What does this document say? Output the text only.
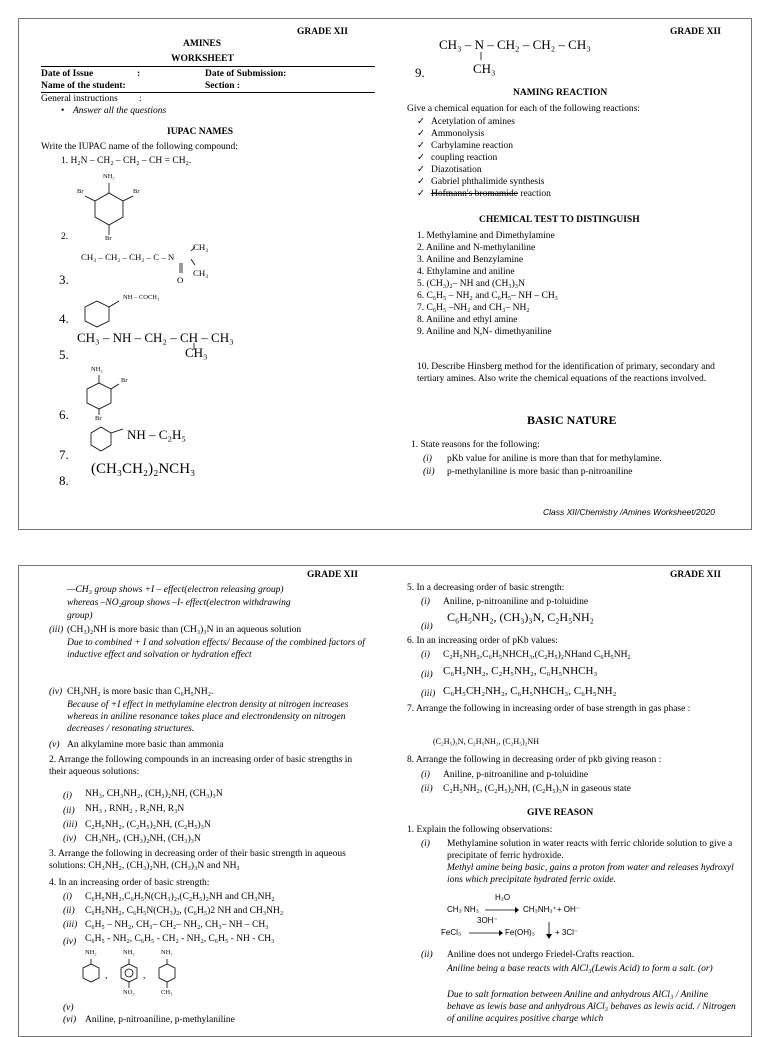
GRADE XII
AMINES
WORKSHEET
Date of Issue	:	Date of Submission:
Name of the student:	Section :
General instructions :
• Answer all the questions
IUPAC NAMES
Write the IUPAC name of the following compound:
1. H₂N – CH₂ – CH₂ – CH = CH₂.
NH₂
Br	Br
Br
2.
CH₃ – CH₂ – CH₂ – C – N
CH₃
CH₃
O
3.
NH – COCH₃
4.
CH₃ – NH – CH₂ – CH – CH₃
CH₃
5.
NH₂
Br
Br
6.
NH – C₂H₅
7.
(CH₃CH₂)₂NCH₃
8.
GRADE XII
CH₃ – N – CH₂ – CH₂ – CH₃
CH₃
9.
NAMING REACTION
Give a chemical equation for each of the following reactions:
✓ Acetylation of amines
✓ Ammonolysis
✓ Carbylamine reaction
✓ coupling reaction
✓ Diazotisation
✓ Gabriel phthalimide synthesis
✓ Hofmann's bromamide reaction
CHEMICAL TEST TO DISTINGUISH
1. Methylamine and Dimethylamine
2. Aniline and N-methylaniline
3. Aniline and Benzylamine
4. Ethylamine and aniline
5. (CH₃)₂– NH and (CH₃)₃N
6. C₆H₅ – NH₂ and C₆H₅– NH – CH₃
7. C₆H₅ –NH₂ and CH₃– NH₂
8. Aniline and ethyl amine
9. Aniline and N,N- dimethyaniline
10. Describe Hinsberg method for the identification of primary, secondary and tertiary amines. Also write the chemical equations of the reactions involved.
BASIC NATURE
1. State reasons for the following:
(i) pKb value for aniline is more than that for methylamine.
(ii) p-methylaniline is more basic than p-nitroaniline
Class XII/Chemistry /Amines Worksheet/2020
GRADE XII
—CH₃ group shows +I – effect(electron releasing group)
whereas –NO₂group shows –I- effect(electron withdrawing
group)
(iii) (CH₃)₂NH is more basic than (CH₃)₃N in an aqueous solution
Due to combined + I and solvation effects/ Because of the combined factors of inductive effect and solvation or hydration effect
(iv) CH₃NH₂ is more basic than C₆H₅NH₂.
Because of +I effect in methylamine electron density at nitrogen increases whereas in aniline resonance takes place and electrondensity on nitrogen decreases / resonating structures.
(v) An alkylamine more basic than ammonia
2. Arrange the following compounds in an increasing order of basic strengths in their aqueous solutions:
(i) NH₃, CH₃NH₂, (CH₃)₂NH, (CH₃)₃N
(ii) NH₃ , RNH₂ , R₂NH, R₃N
(iii) C₂H₅NH₂, (C₂H₅)₂NH, (C₂H₅)₃N
(iv) CH₃NH₂, (CH₃)₂NH, (CH₃)₃N
3. Arrange the following in decreasing order of their basic strength in aqueous solutions: CH₃NH₂, (CH₃)₂NH, (CH₃)₃N and NH₃
4. In an increasing order of basic strength:
(i) C₆H₅NH₂,C₆H₅N(CH₃)₂,(C₂H₅)₂NH and CH₃NH₂
(ii) C₆H₅NH₂, C₆H₅N(CH₃)₂, (C₆H₅)2 NH and CH₃NH₂
(iii) C₆H₅ – NH₂, CH₃– CH₂– NH₂, CH₃– NH – CH₃
(iv) C₆H₅ - NH₂, C₆H₅ - CH₂ - NH₂, C₆H₅ - NH - CH₃
NH₂	NH₂	NH₂
NO₂	CH₃
,	,
(v)
(vi) Aniline, p-nitroaniline, p-methylaniline
GRADE XII
5. In a decreasing order of basic strength:
(i) Aniline, p-nitroaniline and p-toluidine
(ii)
C₆H₅NH₂, (CH₃)₃N, C₂H₅NH₂
6. In an increasing order of pKb values:
(i) C₂H₅NH₂,C₆H₅NHCH₃,(C₂H₅)₂NHand C₆H₅NH₂
(ii) C₆H₅NH₂, C₂H₅NH₂, C₆H₅NHCH₃
(iii) C₆H₅CH₂NH₂, C₆H₅NHCH₃, C₆H₅NH₂
7. Arrange the following in increasing order of base strength in gas phase :
(C₂H₅)₃N, C₂H₅NH₂, (C₂H₅)₂NH
8. Arrange the following in decreasing order of pkb giving reason :
(i) Aniline, p-nitroaniline and p-toluidine
(ii) C₂H₅NH₂, (C₂H₅)₂NH, (C₂H₅)₃N in gaseous state
GIVE REASON
1. Explain the following observations:
(i) Methylamine solution in water reacts with ferric chloride solution to give a precipitate of ferric hydroxide.
Methyl amine being basic, gains a proton from water and releases hydroxyl ions which precipitate hydrated ferric oxide.
CH₃ NH₃
H₂O
→ CH₃NH₃⁺+ OH⁻
FeCl₃
3OH⁻
→ Fe(OH)₃	+ 3Cl⁻
(ii) Aniline does not undergo Friedel-Crafts reaction.
Aniline being a base reacts with AlCl₃(Lewis Acid) to form a salt. (or)
Due to salt formation between Aniline and anhydrous AlCl₃ / Aniline behave as lewis base and anhydrous AlCl₃ behaves as lewis acid. / Nitrogen of aniline acquires positive charge which
